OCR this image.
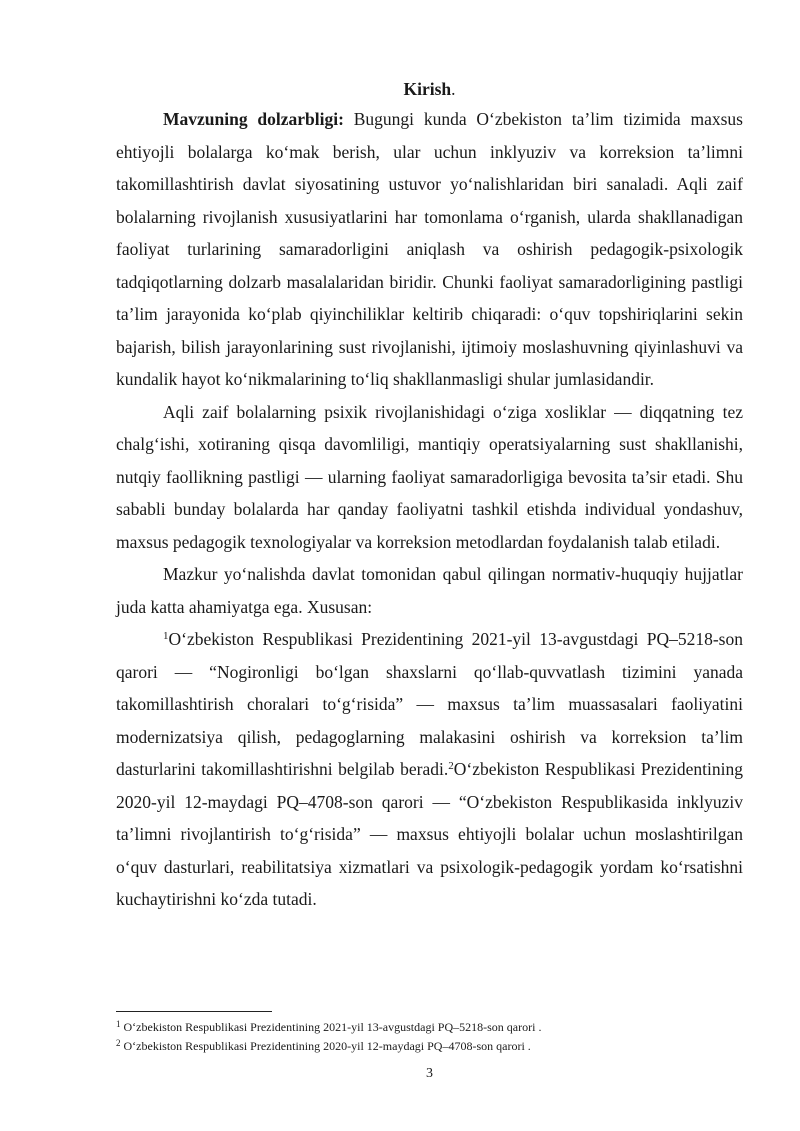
Kirish.

Mavzuning dolzarbligi: Bugungi kunda O‘zbekiston ta’lim tizimida maxsus ehtiyojli bolalarga ko‘mak berish, ular uchun inklyuziv va korreksion ta’limni takomillashtirish davlat siyosatining ustuvor yo‘nalishlaridan biri sanaladi. Aqli zaif bolalarning rivojlanish xususiyatlarini har tomonlama o‘rganish, ularda shakllanadigan faoliyat turlarining samaradorligini aniqlash va oshirish pedagogik-psixologik tadqiqotlarning dolzarb masalalaridan biridir. Chunki faoliyat samaradorligining pastligi ta’lim jarayonida ko‘plab qiyinchiliklar keltirib chiqaradi: o‘quv topshiriqlarini sekin bajarish, bilish jarayonlarining sust rivojlanishi, ijtimoiy moslashuvning qiyinlashuvi va kundalik hayot ko‘nikmalarining to‘liq shakllanmasligi shular jumlasidandir.

Aqli zaif bolalarning psixik rivojlanishidagi o‘ziga xosliklar — diqqatning tez chalg‘ishi, xotiraning qisqa davomliligi, mantiqiy operatsiyalarning sust shakllanishi, nutqiy faollikning pastligi — ularning faoliyat samaradorligiga bevosita ta’sir etadi. Shu sababli bunday bolalarda har qanday faoliyatni tashkil etishda individual yondashuv, maxsus pedagogik texnologiyalar va korreksion metodlardan foydalanish talab etiladi.

Mazkur yo‘nalishda davlat tomonidan qabul qilingan normativ-huquqiy hujjatlar juda katta ahamiyatga ega. Xususan:

$^1$O‘zbekiston Respublikasi Prezidentining 2021-yil 13-avgustdagi PQ–5218-son qarori — “Nogironligi bo‘lgan shaxslarni qo‘llab-quvvatlash tizimini yanada takomillashtirish choralari to‘g‘risida” — maxsus ta’lim muassasalari faoliyatini modernizatsiya qilish, pedagoglarning malakasini oshirish va korreksion ta’lim dasturlarini takomillashtirishni belgilab beradi.$^2$O‘zbekiston Respublikasi Prezidentining 2020-yil 12-maydagi PQ–4708-son qarori — “O‘zbekiston Respublikasida inklyuziv ta’limni rivojlantirish to‘g‘risida” — maxsus ehtiyojli bolalar uchun moslashtirilgan o‘quv dasturlari, reabilitatsiya xizmatlari va psixologik-pedagogik yordam ko‘rsatishni kuchaytirishni ko‘zda tutadi.

$^1$ O‘zbekiston Respublikasi Prezidentining 2021-yil 13-avgustdagi PQ–5218-son qarori .
$^2$ O‘zbekiston Respublikasi Prezidentining 2020-yil 12-maydagi PQ–4708-son qarori .
3
